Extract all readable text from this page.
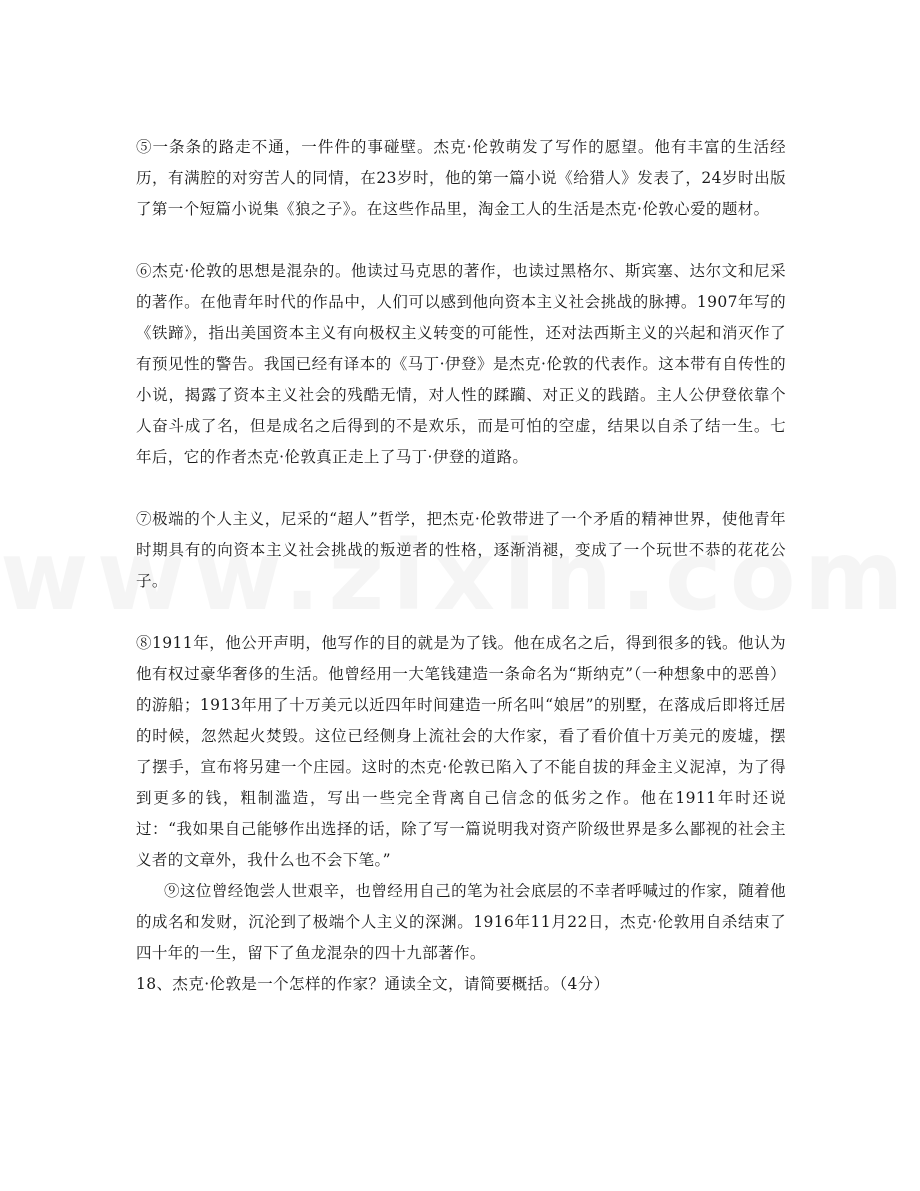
⑤一条条的路走不通，一件件的事碰壁。杰克·伦敦萌发了写作的愿望。他有丰富的生活经历，有满腔的对穷苦人的同情，在23岁时，他的第一篇小说《给猎人》发表了，24岁时出版了第一个短篇小说集《狼之子》。在这些作品里，淘金工人的生活是杰克·伦敦心爱的题材。

⑥杰克·伦敦的思想是混杂的。他读过马克思的著作，也读过黑格尔、斯宾塞、达尔文和尼采的著作。在他青年时代的作品中，人们可以感到他向资本主义社会挑战的脉搏。1907年写的《铁蹄》，指出美国资本主义有向极权主义转变的可能性，还对法西斯主义的兴起和消灭作了有预见性的警告。我国已经有译本的《马丁·伊登》是杰克·伦敦的代表作。这本带有自传性的小说，揭露了资本主义社会的残酷无情，对人性的蹂躏、对正义的践踏。主人公伊登依靠个人奋斗成了名，但是成名之后得到的不是欢乐，而是可怕的空虚，结果以自杀了结一生。七年后，它的作者杰克·伦敦真正走上了马丁·伊登的道路。

⑦极端的个人主义，尼采的“超人”哲学，把杰克·伦敦带进了一个矛盾的精神世界，使他青年时期具有的向资本主义社会挑战的叛逆者的性格，逐渐消褪，变成了一个玩世不恭的花花公子。

⑧1911年，他公开声明，他写作的目的就是为了钱。他在成名之后，得到很多的钱。他认为他有权过豪华奢侈的生活。他曾经用一大笔钱建造一条命名为“斯纳克”（一种想象中的恶兽）的游船；1913年用了十万美元以近四年时间建造一所名叫“娘居”的别墅，在落成后即将迁居的时候，忽然起火焚毁。这位已经侧身上流社会的大作家，看了看价值十万美元的废墟，摆了摆手，宣布将另建一个庄园。这时的杰克·伦敦已陷入了不能自拔的拜金主义泥淖，为了得到更多的钱，粗制滥造，写出一些完全背离自己信念的低劣之作。他在1911年时还说过：“我如果自己能够作出选择的话，除了写一篇说明我对资产阶级世界是多么鄙视的社会主义者的文章外，我什么也不会下笔。”

⑨这位曾经饱尝人世艰辛，也曾经用自己的笔为社会底层的不幸者呼喊过的作家，随着他的成名和发财，沉沦到了极端个人主义的深渊。1916年11月22日，杰克·伦敦用自杀结束了四十年的一生，留下了鱼龙混杂的四十九部著作。

18、杰克·伦敦是一个怎样的作家？通读全文，请简要概括。（4分）
